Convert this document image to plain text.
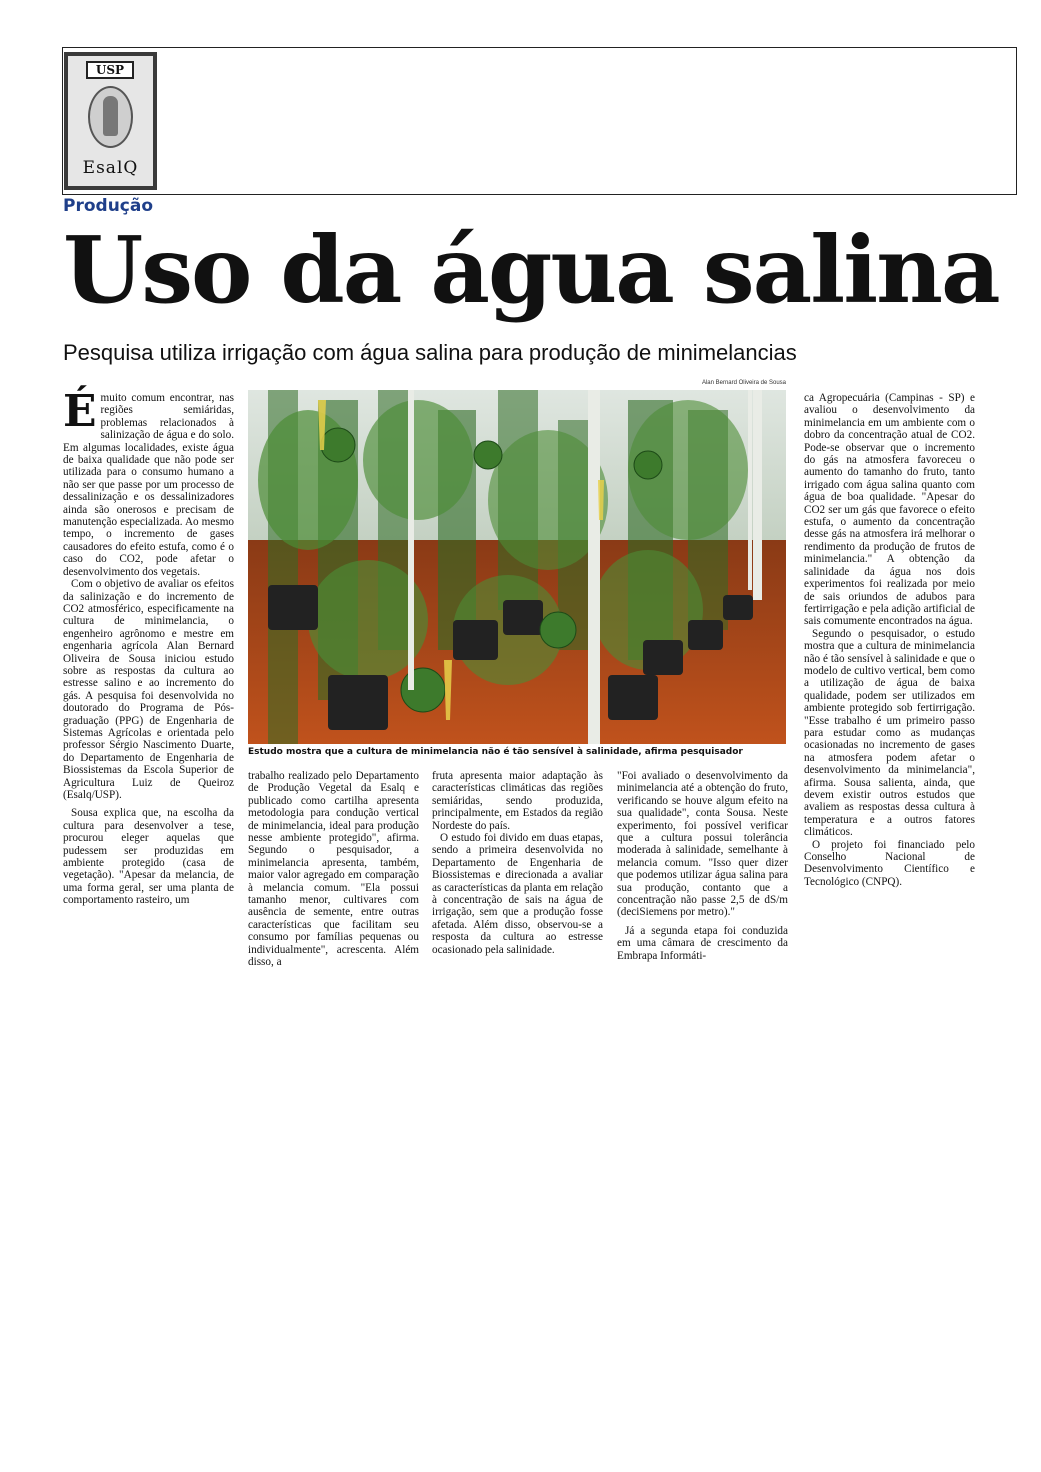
USP
EsalQ
Produção
Uso da água salina
Pesquisa utiliza irrigação com água salina para produção de minimelancias

Émuito comum encontrar, nas regiões semiáridas, problemas relacionados à salinização de água e do solo. Em algumas localidades, existe água de baixa qualidade que não pode ser utilizada para o consumo humano a não ser que passe por um processo de dessalinização e os dessalinizadores ainda são onerosos e precisam de manutenção especializada. Ao mesmo tempo, o incremento de gases causadores do efeito estufa, como é o caso do CO2, pode afetar o desenvolvimento dos vegetais.

Com o objetivo de avaliar os efeitos da salinização e do incremento de CO2 atmosférico, especificamente na cultura de minimelancia, o engenheiro agrônomo e mestre em engenharia agrícola Alan Bernard Oliveira de Sousa iniciou estudo sobre as respostas da cultura ao estresse salino e ao incremento do gás. A pesquisa foi desenvolvida no doutorado do Programa de Pós-graduação (PPG) de Engenharia de Sistemas Agrícolas e orientada pelo professor Sérgio Nascimento Duarte, do Departamento de Engenharia de Biossistemas da Escola Superior de Agricultura Luiz de Queiroz (Esalq/USP).

Sousa explica que, na escolha da cultura para desenvolver a tese, procurou eleger aquelas que pudessem ser produzidas em ambiente protegido (casa de vegetação). "Apesar da melancia, de uma forma geral, ser uma planta de comportamento rasteiro, um

Alan Bernard Oliveira de Sousa
Estudo mostra que a cultura de minimelancia não é tão sensível à salinidade, afirma pesquisador

trabalho realizado pelo Departamento de Produção Vegetal da Esalq e publicado como cartilha apresenta metodologia para condução vertical de minimelancia, ideal para produção nesse ambiente protegido", afirma. Segundo o pesquisador, a minimelancia apresenta, também, maior valor agregado em comparação à melancia comum. "Ela possui tamanho menor, cultivares com ausência de semente, entre outras características que facilitam seu consumo por famílias pequenas ou individualmente", acrescenta. Além disso, a

fruta apresenta maior adaptação às características climáticas das regiões semiáridas, sendo produzida, principalmente, em Estados da região Nordeste do país.

O estudo foi divido em duas etapas, sendo a primeira desenvolvida no Departamento de Engenharia de Biossistemas e direcionada a avaliar as características da planta em relação à concentração de sais na água de irrigação, sem que a produção fosse afetada. Além disso, observou-se a resposta da cultura ao estresse ocasionado pela salinidade.

"Foi avaliado o desenvolvimento da minimelancia até a obtenção do fruto, verificando se houve algum efeito na sua qualidade", conta Sousa. Neste experimento, foi possível verificar que a cultura possui tolerância moderada à salinidade, semelhante à melancia comum. "Isso quer dizer que podemos utilizar água salina para sua produção, contanto que a concentração não passe 2,5 de dS/m (deciSiemens por metro)."

Já a segunda etapa foi conduzida em uma câmara de crescimento da Embrapa Informáti-

ca Agropecuária (Campinas - SP) e avaliou o desenvolvimento da minimelancia em um ambiente com o dobro da concentração atual de CO2. Pode-se observar que o incremento do gás na atmosfera favoreceu o aumento do tamanho do fruto, tanto irrigado com água salina quanto com água de boa qualidade. "Apesar do CO2 ser um gás que favorece o efeito estufa, o aumento da concentração desse gás na atmosfera irá melhorar o rendimento da produção de frutos de minimelancia." A obtenção da salinidade da água nos dois experimentos foi realizada por meio de sais oriundos de adubos para fertirrigação e pela adição artificial de sais comumente encontrados na água.

Segundo o pesquisador, o estudo mostra que a cultura de minimelancia não é tão sensível à salinidade e que o modelo de cultivo vertical, bem como a utilização de água de baixa qualidade, podem ser utilizados em ambiente protegido sob fertirrigação. "Esse trabalho é um primeiro passo para estudar como as mudanças ocasionadas no incremento de gases na atmosfera podem afetar o desenvolvimento da minimelancia", afirma. Sousa salienta, ainda, que devem existir outros estudos que avaliem as respostas dessa cultura à temperatura e a outros fatores climáticos.

O projeto foi financiado pelo Conselho Nacional de Desenvolvimento Científico e Tecnológico (CNPQ).
